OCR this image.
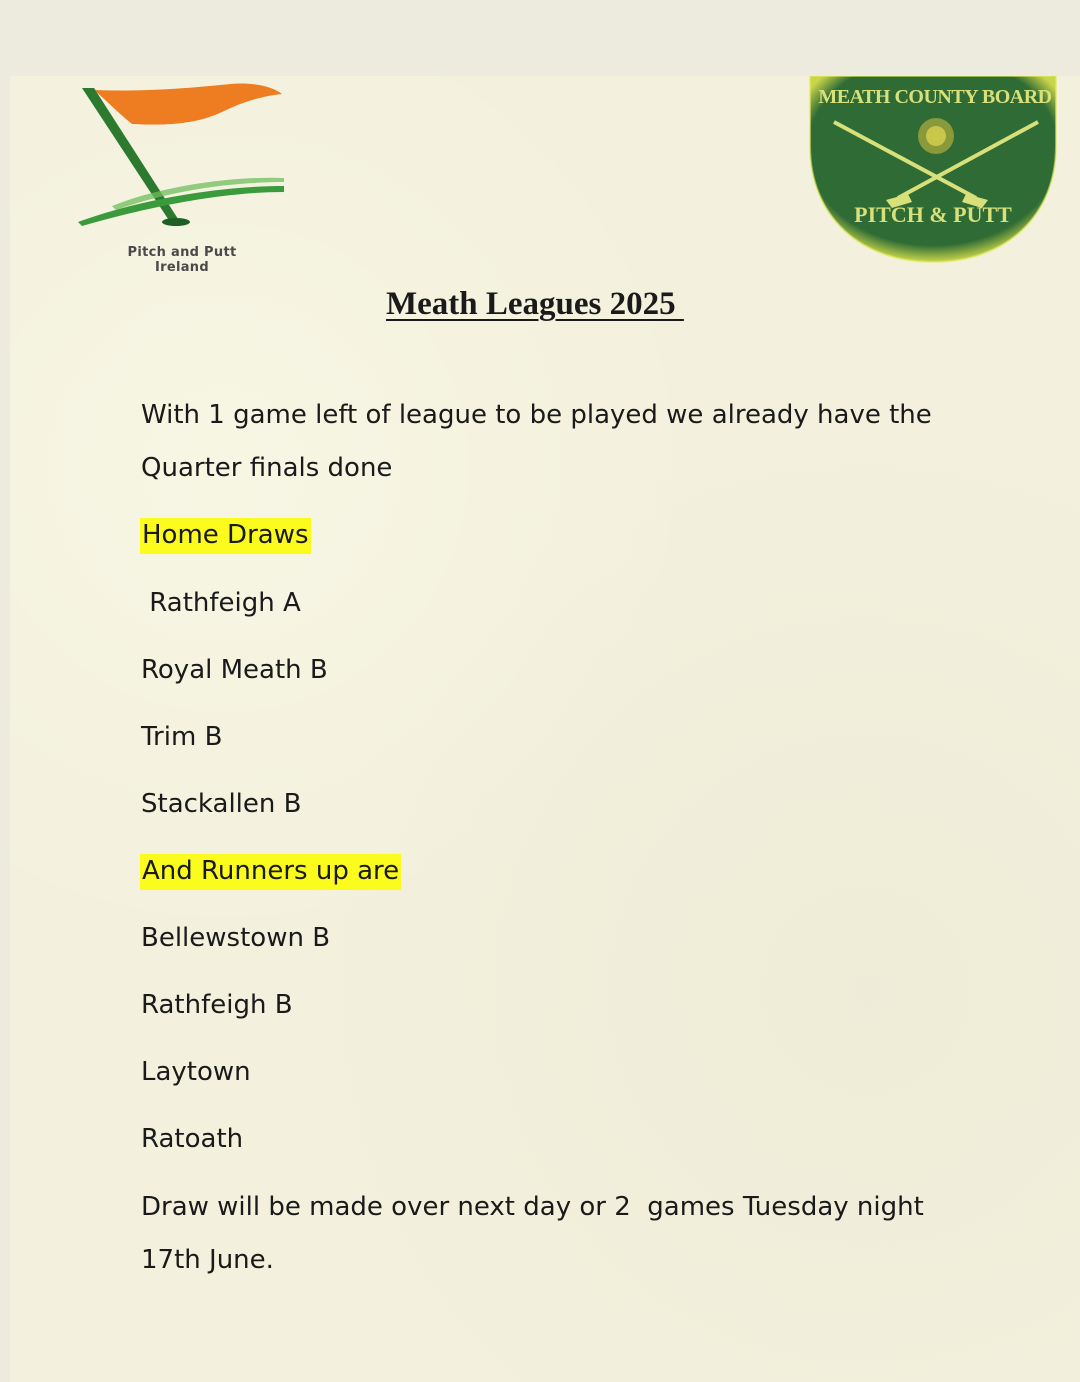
Pitch and Putt
Ireland
MEATH COUNTY BOARD
PITCH & PUTT
Meath Leagues 2025
With 1 game left of league to be played we already have the
Quarter finals done
Home Draws
Rathfeigh A
Royal Meath B
Trim B
Stackallen B
And Runners up are
Bellewstown B
Rathfeigh B
Laytown
Ratoath
Draw will be made over next day or 2  games Tuesday night
17th June.
